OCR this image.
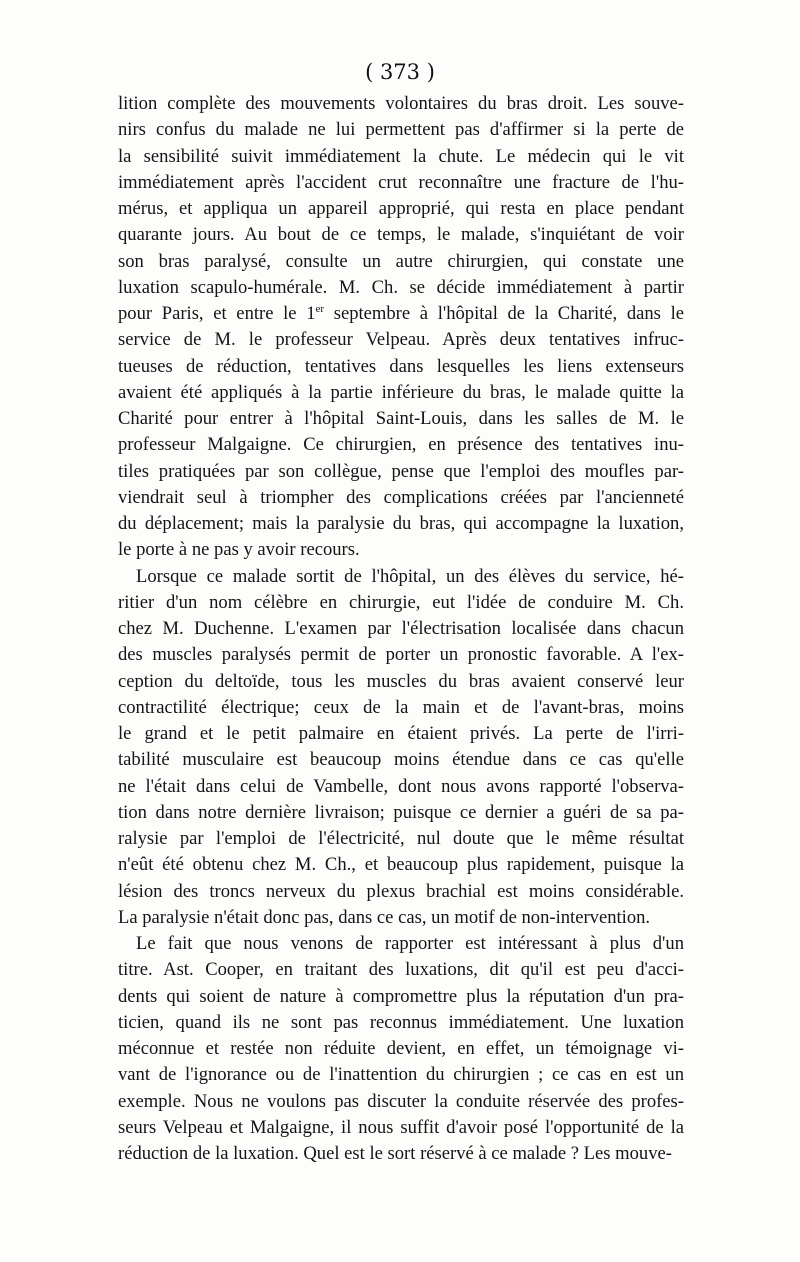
( 373 )
lition complète des mouvements volontaires du bras droit. Les souve-
nirs confus du malade ne lui permettent pas d'affirmer si la perte de
la sensibilité suivit immédiatement la chute. Le médecin qui le vit
immédiatement après l'accident crut reconnaître une fracture de l'hu-
mérus, et appliqua un appareil approprié, qui resta en place pendant
quarante jours. Au bout de ce temps, le malade, s'inquiétant de voir
son bras paralysé, consulte un autre chirurgien, qui constate une
luxation scapulo-humérale. M. Ch. se décide immédiatement à partir
pour Paris, et entre le 1er septembre à l'hôpital de la Charité, dans le
service de M. le professeur Velpeau. Après deux tentatives infruc-
tueuses de réduction, tentatives dans lesquelles les liens extenseurs
avaient été appliqués à la partie inférieure du bras, le malade quitte la
Charité pour entrer à l'hôpital Saint-Louis, dans les salles de M. le
professeur Malgaigne. Ce chirurgien, en présence des tentatives inu-
tiles pratiquées par son collègue, pense que l'emploi des moufles par-
viendrait seul à triompher des complications créées par l'ancienneté
du déplacement; mais la paralysie du bras, qui accompagne la luxation,
le porte à ne pas y avoir recours.
Lorsque ce malade sortit de l'hôpital, un des élèves du service, hé-
ritier d'un nom célèbre en chirurgie, eut l'idée de conduire M. Ch.
chez M. Duchenne. L'examen par l'électrisation localisée dans chacun
des muscles paralysés permit de porter un pronostic favorable. A l'ex-
ception du deltoïde, tous les muscles du bras avaient conservé leur
contractilité électrique; ceux de la main et de l'avant-bras, moins
le grand et le petit palmaire en étaient privés. La perte de l'irri-
tabilité musculaire est beaucoup moins étendue dans ce cas qu'elle
ne l'était dans celui de Vambelle, dont nous avons rapporté l'observa-
tion dans notre dernière livraison; puisque ce dernier a guéri de sa pa-
ralysie par l'emploi de l'électricité, nul doute que le même résultat
n'eût été obtenu chez M. Ch., et beaucoup plus rapidement, puisque la
lésion des troncs nerveux du plexus brachial est moins considérable.
La paralysie n'était donc pas, dans ce cas, un motif de non-intervention.
Le fait que nous venons de rapporter est intéressant à plus d'un
titre. Ast. Cooper, en traitant des luxations, dit qu'il est peu d'acci-
dents qui soient de nature à compromettre plus la réputation d'un pra-
ticien, quand ils ne sont pas reconnus immédiatement. Une luxation
méconnue et restée non réduite devient, en effet, un témoignage vi-
vant de l'ignorance ou de l'inattention du chirurgien ; ce cas en est un
exemple. Nous ne voulons pas discuter la conduite réservée des profes-
seurs Velpeau et Malgaigne, il nous suffit d'avoir posé l'opportunité de la
réduction de la luxation. Quel est le sort réservé à ce malade ? Les mouve-
